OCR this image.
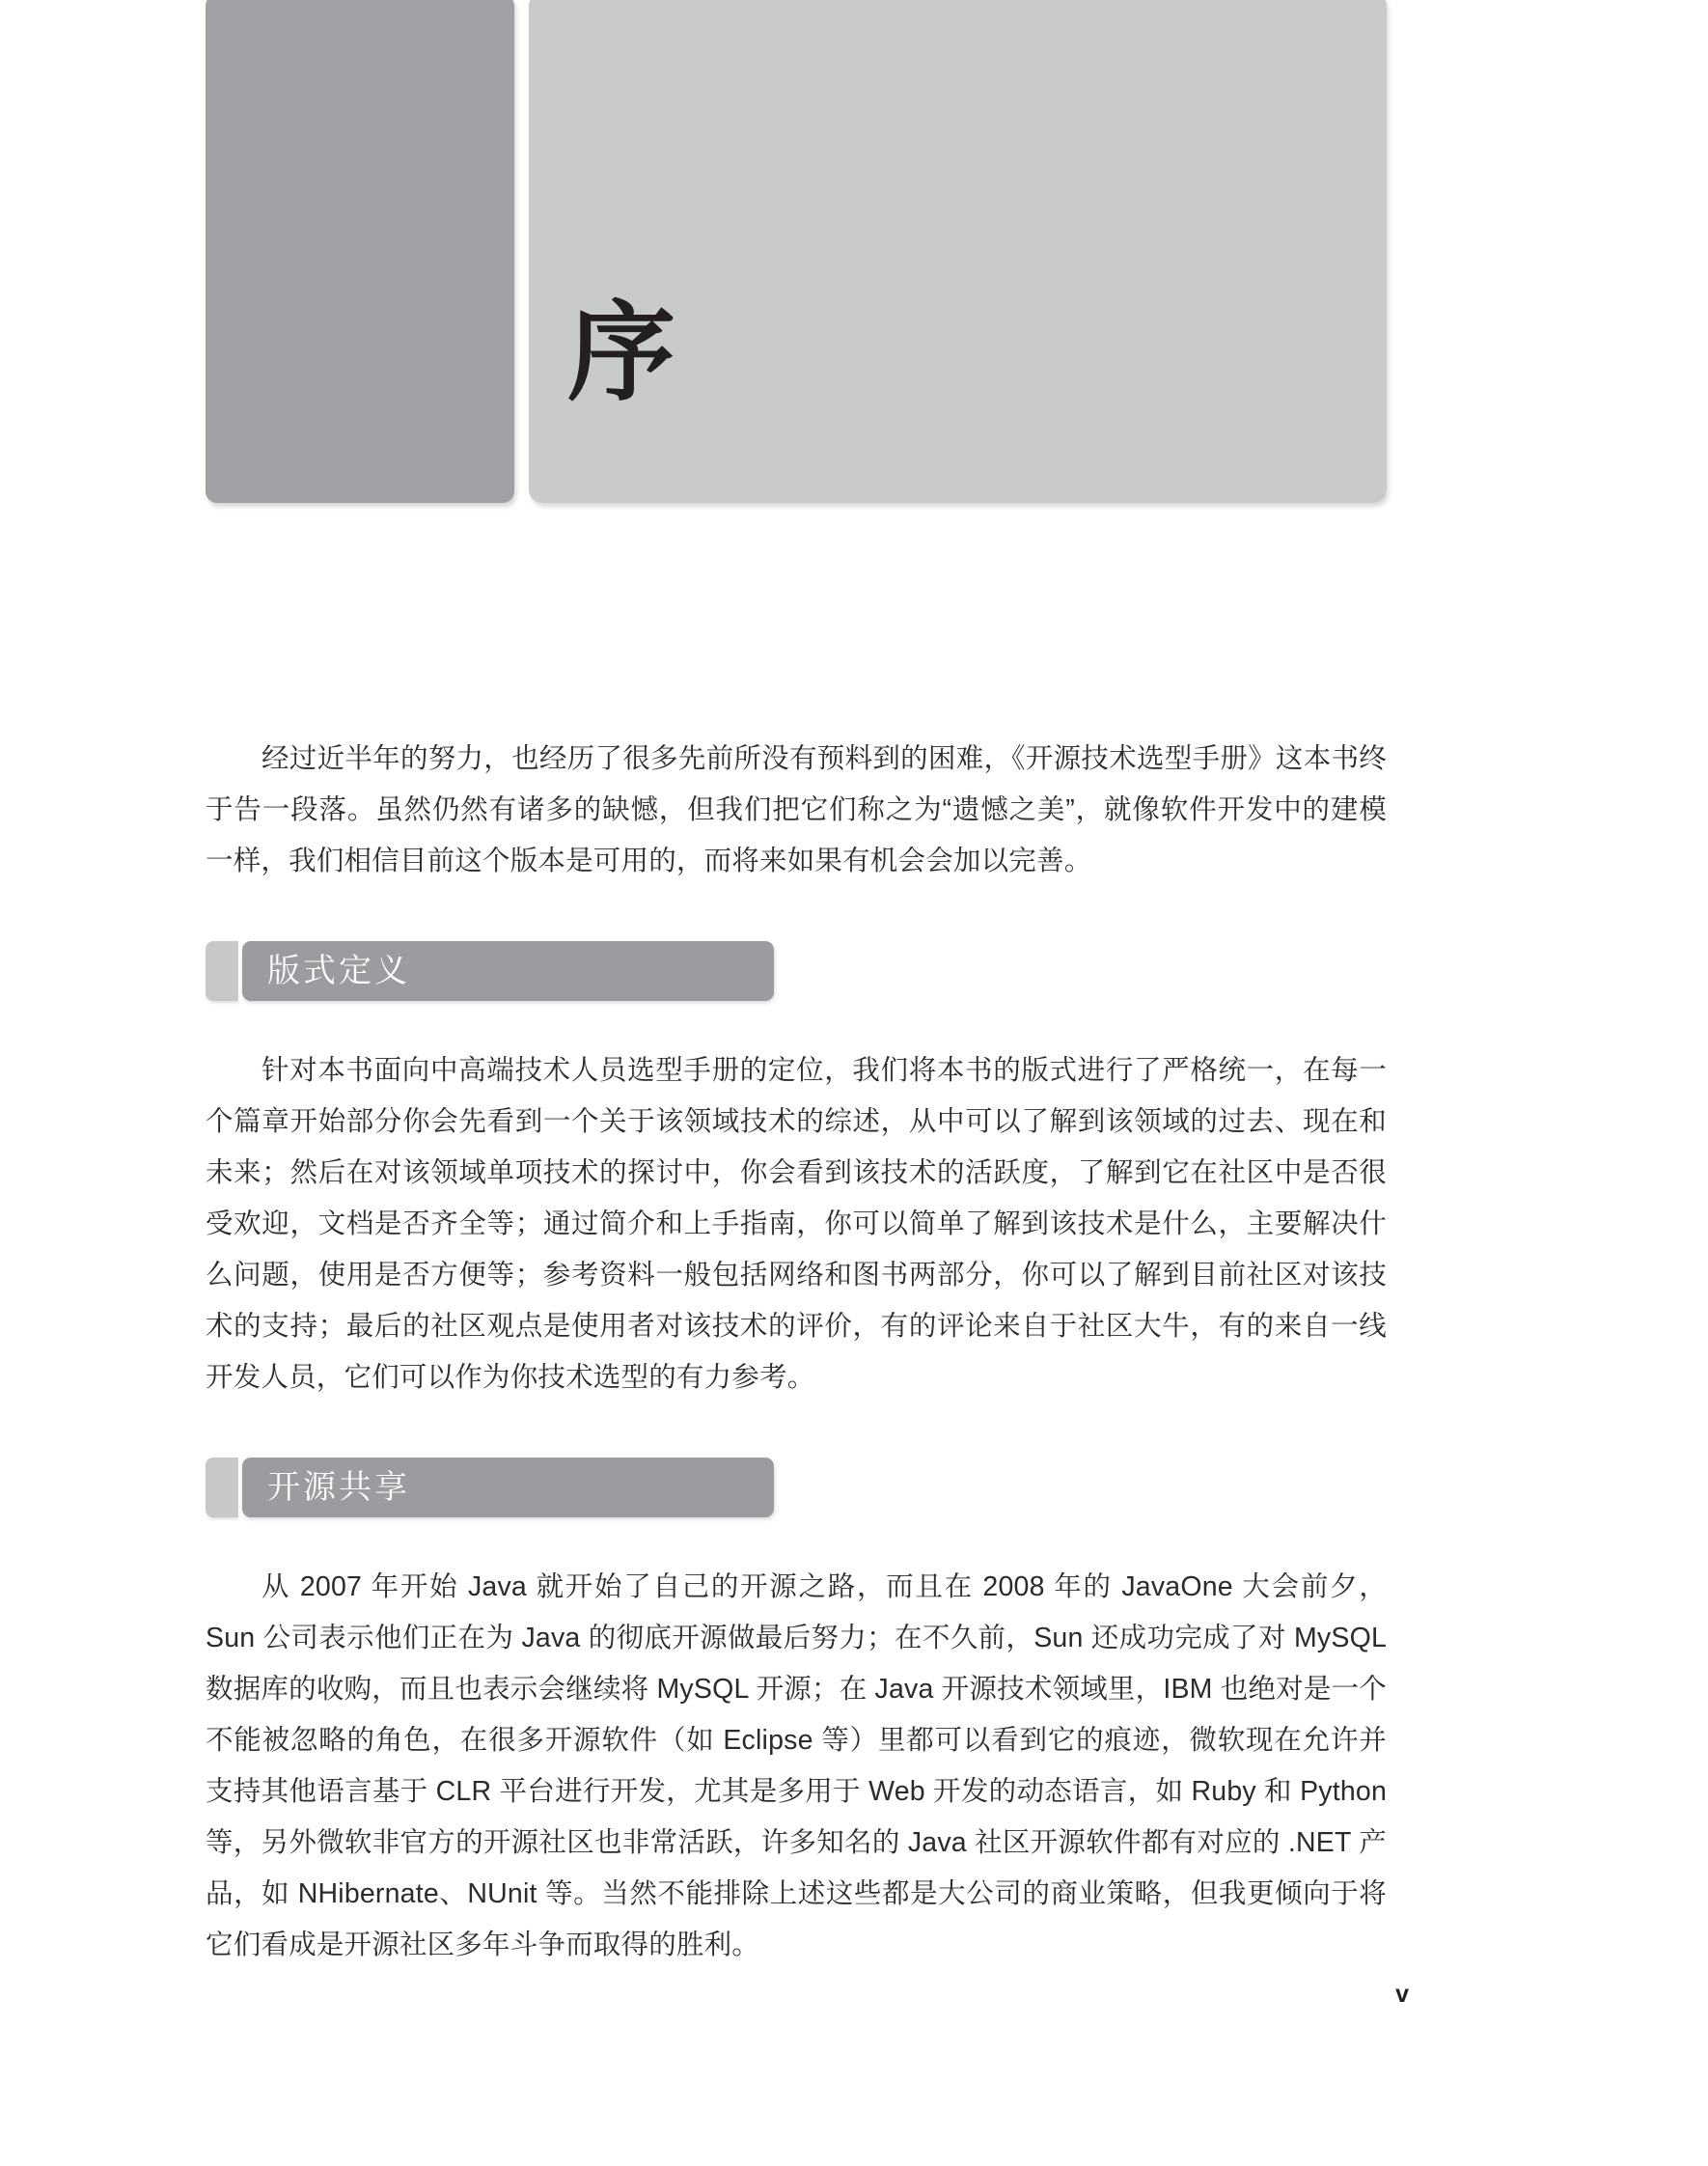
序

经过近半年的努力，也经历了很多先前所没有预料到的困难，《开源技术选型手册》这本书终于告一段落。虽然仍然有诸多的缺憾，但我们把它们称之为“遗憾之美”，就像软件开发中的建模一样，我们相信目前这个版本是可用的，而将来如果有机会会加以完善。

版式定义

针对本书面向中高端技术人员选型手册的定位，我们将本书的版式进行了严格统一，在每一个篇章开始部分你会先看到一个关于该领域技术的综述，从中可以了解到该领域的过去、现在和未来；然后在对该领域单项技术的探讨中，你会看到该技术的活跃度，了解到它在社区中是否很受欢迎，文档是否齐全等；通过简介和上手指南，你可以简单了解到该技术是什么，主要解决什么问题，使用是否方便等；参考资料一般包括网络和图书两部分，你可以了解到目前社区对该技术的支持；最后的社区观点是使用者对该技术的评价，有的评论来自于社区大牛，有的来自一线开发人员，它们可以作为你技术选型的有力参考。

开源共享

从 2007 年开始 Java 就开始了自己的开源之路，而且在 2008 年的 JavaOne 大会前夕，Sun 公司表示他们正在为 Java 的彻底开源做最后努力；在不久前，Sun 还成功完成了对 MySQL 数据库的收购，而且也表示会继续将 MySQL 开源；在 Java 开源技术领域里，IBM 也绝对是一个不能被忽略的角色，在很多开源软件（如 Eclipse 等）里都可以看到它的痕迹，微软现在允许并支持其他语言基于 CLR 平台进行开发，尤其是多用于 Web 开发的动态语言，如 Ruby 和 Python 等，另外微软非官方的开源社区也非常活跃，许多知名的 Java 社区开源软件都有对应的 .NET 产品，如 NHibernate、NUnit 等。当然不能排除上述这些都是大公司的商业策略，但我更倾向于将它们看成是开源社区多年斗争而取得的胜利。

v
